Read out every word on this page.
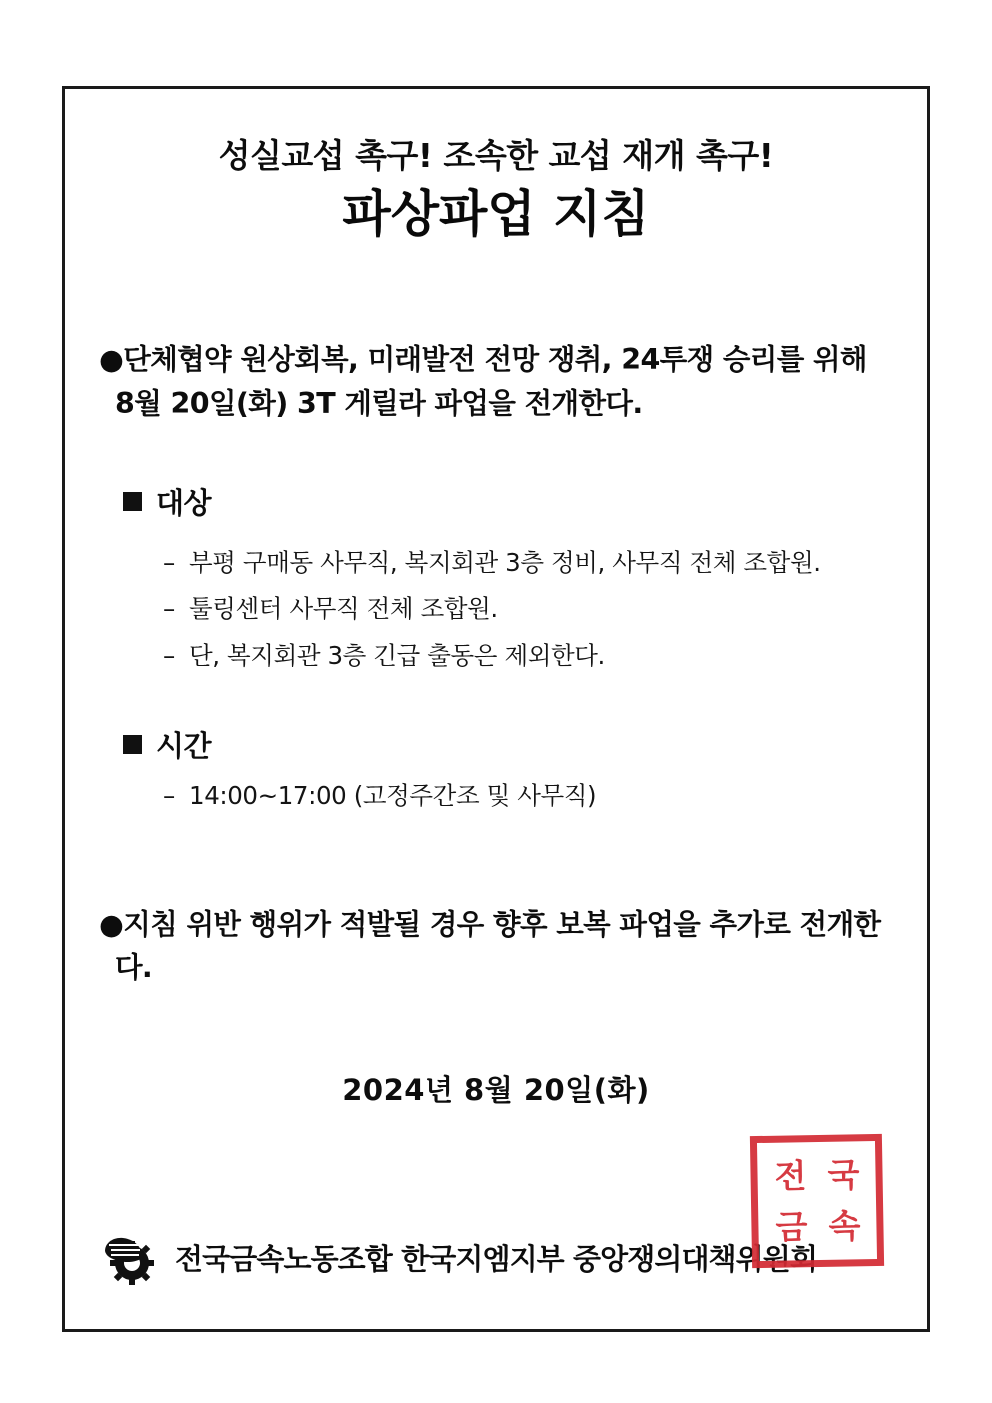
성실교섭 촉구! 조속한 교섭 재개 촉구!
파상파업 지침
●단체협약 원상회복, 미래발전 전망 쟁취, 24투쟁 승리를 위해 8월 20일(화) 3T 게릴라 파업을 전개한다.
대상
– 부평 구매동 사무직, 복지회관 3층 정비, 사무직 전체 조합원.
– 툴링센터 사무직 전체 조합원.
– 단, 복지회관 3층 긴급 출동은 제외한다.
시간
– 14:00~17:00 (고정주간조 및 사무직)
●지침 위반 행위가 적발될 경우 향후 보복 파업을 추가로 전개한다.
2024년 8월 20일(화)
전국금속노동조합 한국지엠지부 중앙쟁의대책위원회
전 국
금 속
